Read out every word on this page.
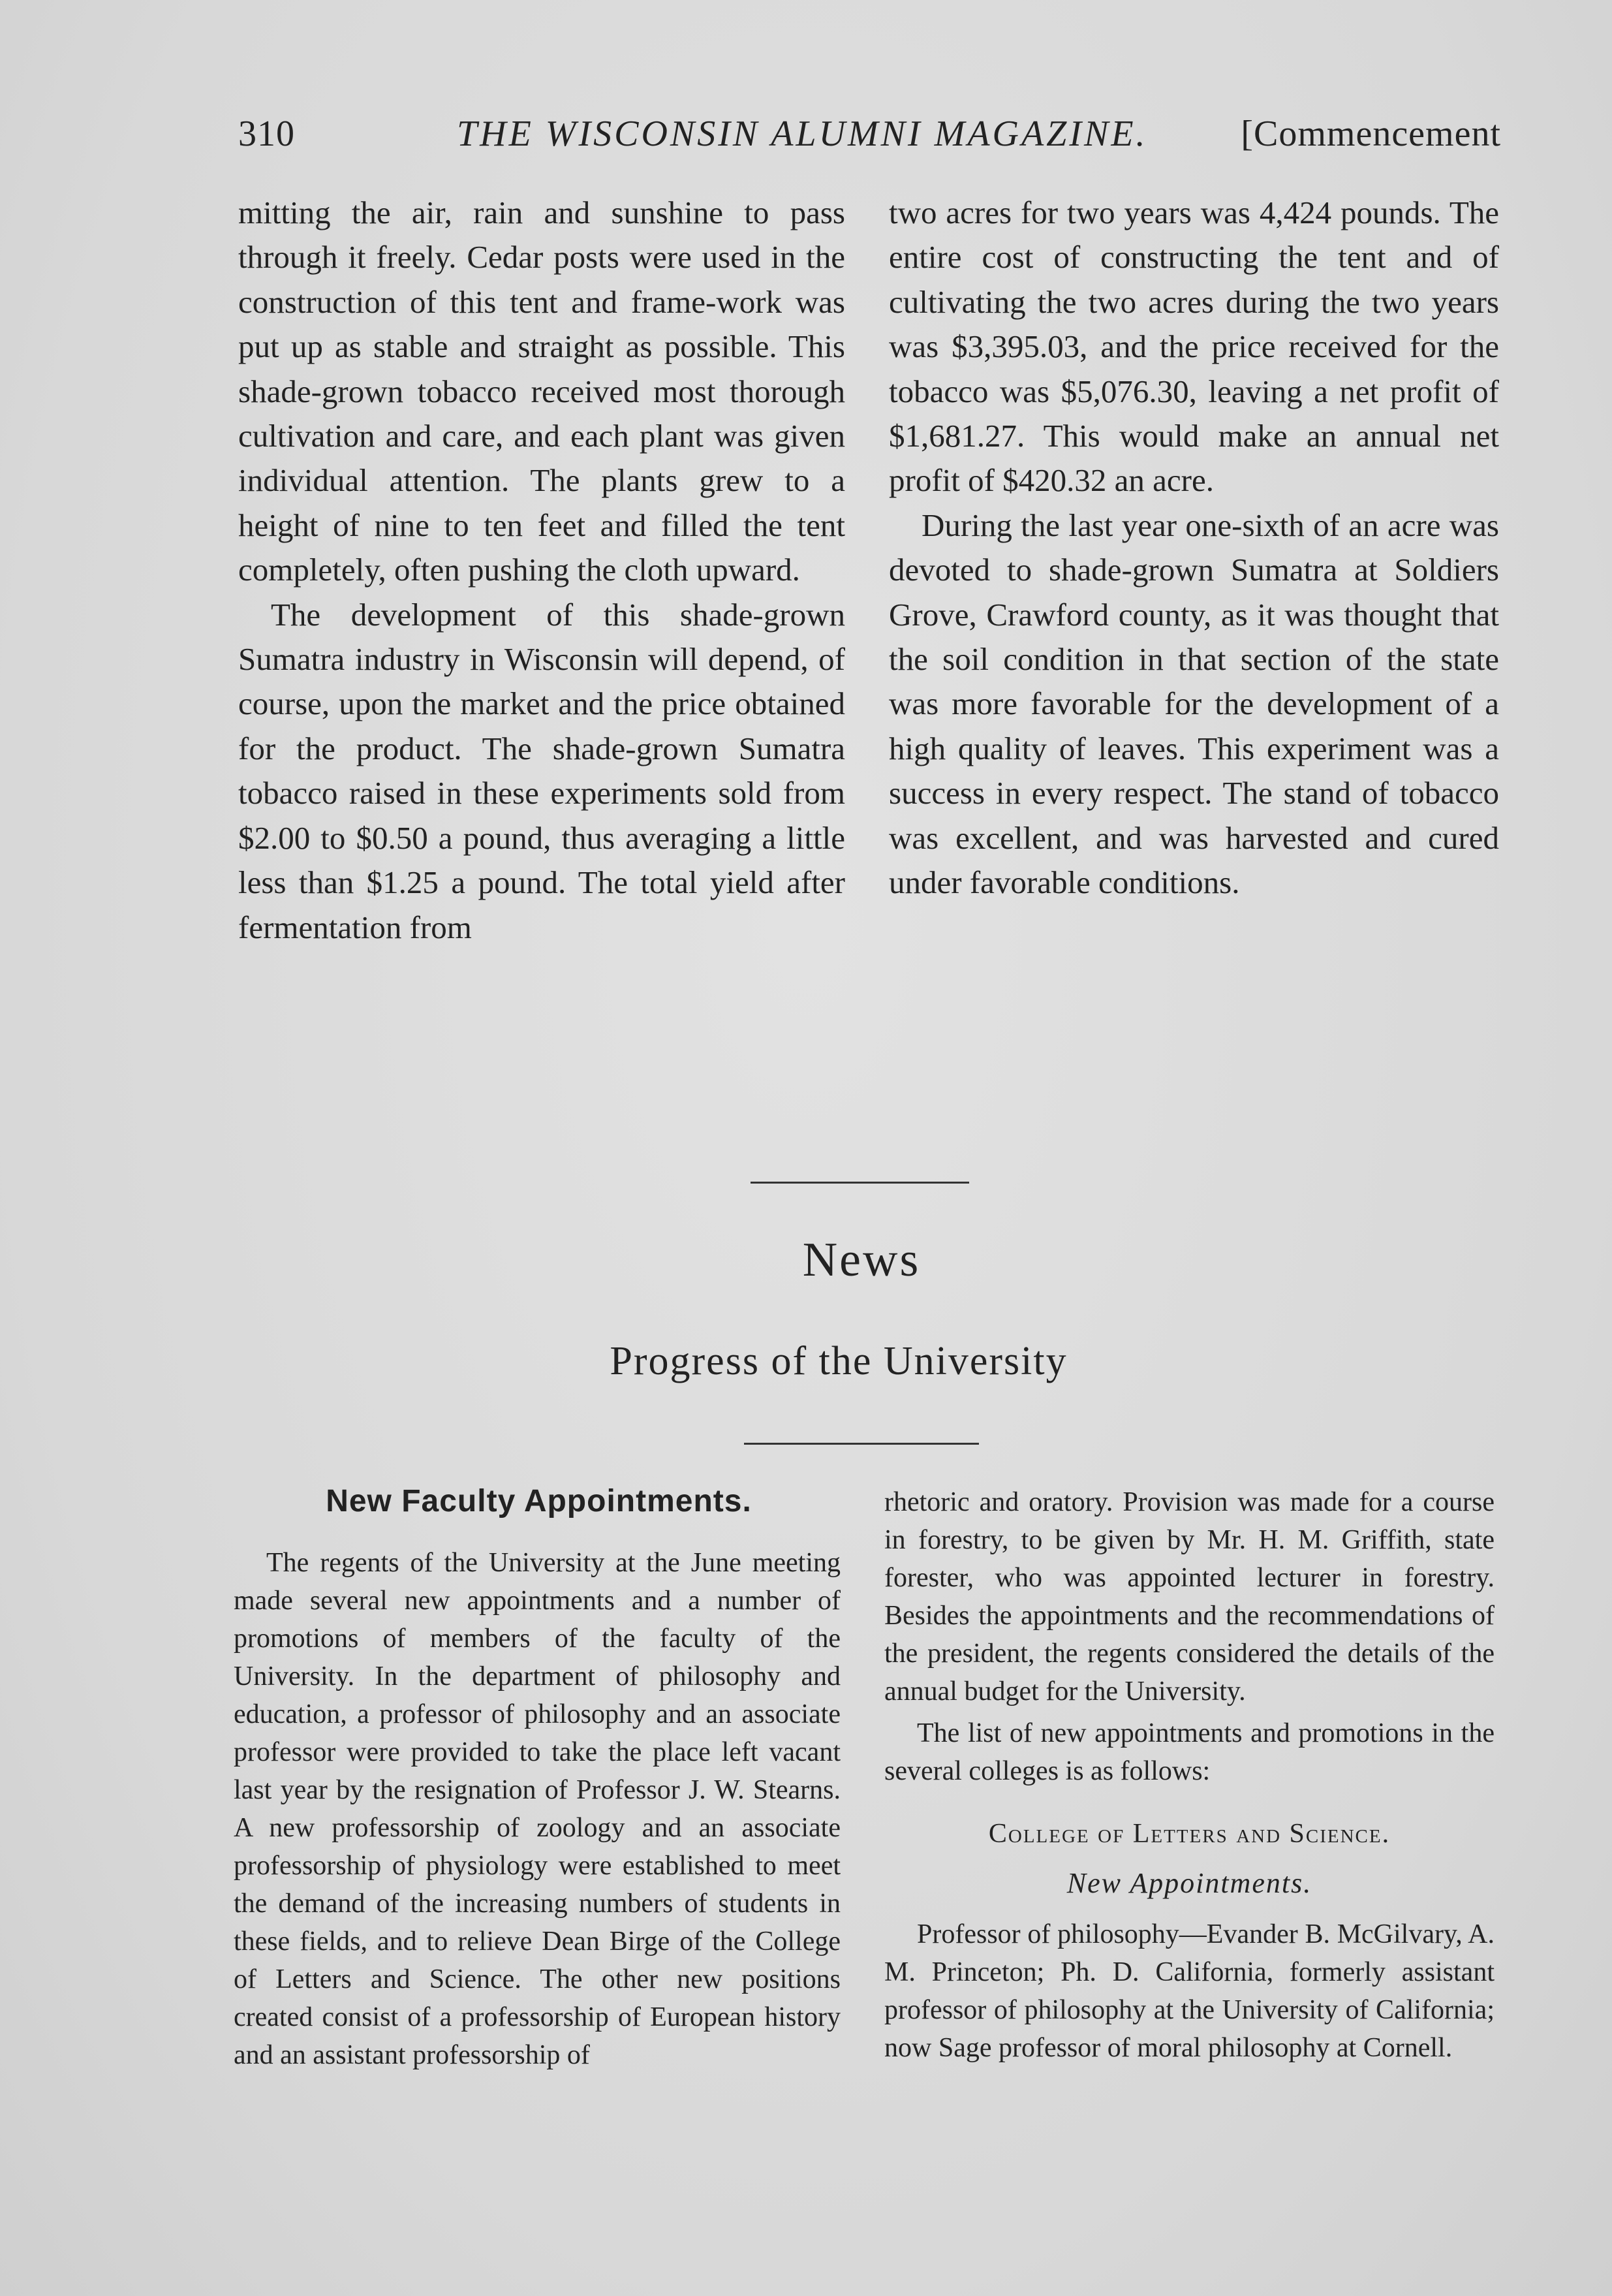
310	THE WISCONSIN ALUMNI MAGAZINE.	[Commencement

mitting the air, rain and sunshine to pass through it freely. Cedar posts were used in the construction of this tent and frame-work was put up as stable and straight as possible. This shade-grown tobacco received most thorough cultivation and care, and each plant was given individual attention. The plants grew to a height of nine to ten feet and filled the tent completely, often pushing the cloth upward.

The development of this shade-grown Sumatra industry in Wisconsin will depend, of course, upon the market and the price obtained for the product. The shade-grown Sumatra tobacco raised in these experiments sold from $2.00 to $0.50 a pound, thus averaging a little less than $1.25 a pound. The total yield after fermentation from

two acres for two years was 4,424 pounds. The entire cost of constructing the tent and of cultivating the two acres during the two years was $3,395.03, and the price received for the tobacco was $5,076.30, leaving a net profit of $1,681.27. This would make an annual net profit of $420.32 an acre.

During the last year one-sixth of an acre was devoted to shade-grown Sumatra at Soldiers Grove, Crawford county, as it was thought that the soil condition in that section of the state was more favorable for the development of a high quality of leaves. This experiment was a success in every respect. The stand of tobacco was excellent, and was harvested and cured under favorable conditions.

News
Progress of the University
New Faculty Appointments.

The regents of the University at the June meeting made several new appointments and a number of promotions of members of the faculty of the University. In the department of philosophy and education, a professor of philosophy and an associate professor were provided to take the place left vacant last year by the resignation of Professor J. W. Stearns. A new professorship of zoology and an associate professorship of physiology were established to meet the demand of the increasing numbers of students in these fields, and to relieve Dean Birge of the College of Letters and Science. The other new positions created consist of a professorship of European history and an assistant professorship of

rhetoric and oratory. Provision was made for a course in forestry, to be given by Mr. H. M. Griffith, state forester, who was appointed lecturer in forestry. Besides the appointments and the recommendations of the president, the regents considered the details of the annual budget for the University.

The list of new appointments and promotions in the several colleges is as follows:

College of Letters and Science.

New Appointments.

Professor of philosophy—Evander B. McGilvary, A. M. Princeton; Ph. D. California, formerly assistant professor of philosophy at the University of California; now Sage professor of moral philosophy at Cornell.
